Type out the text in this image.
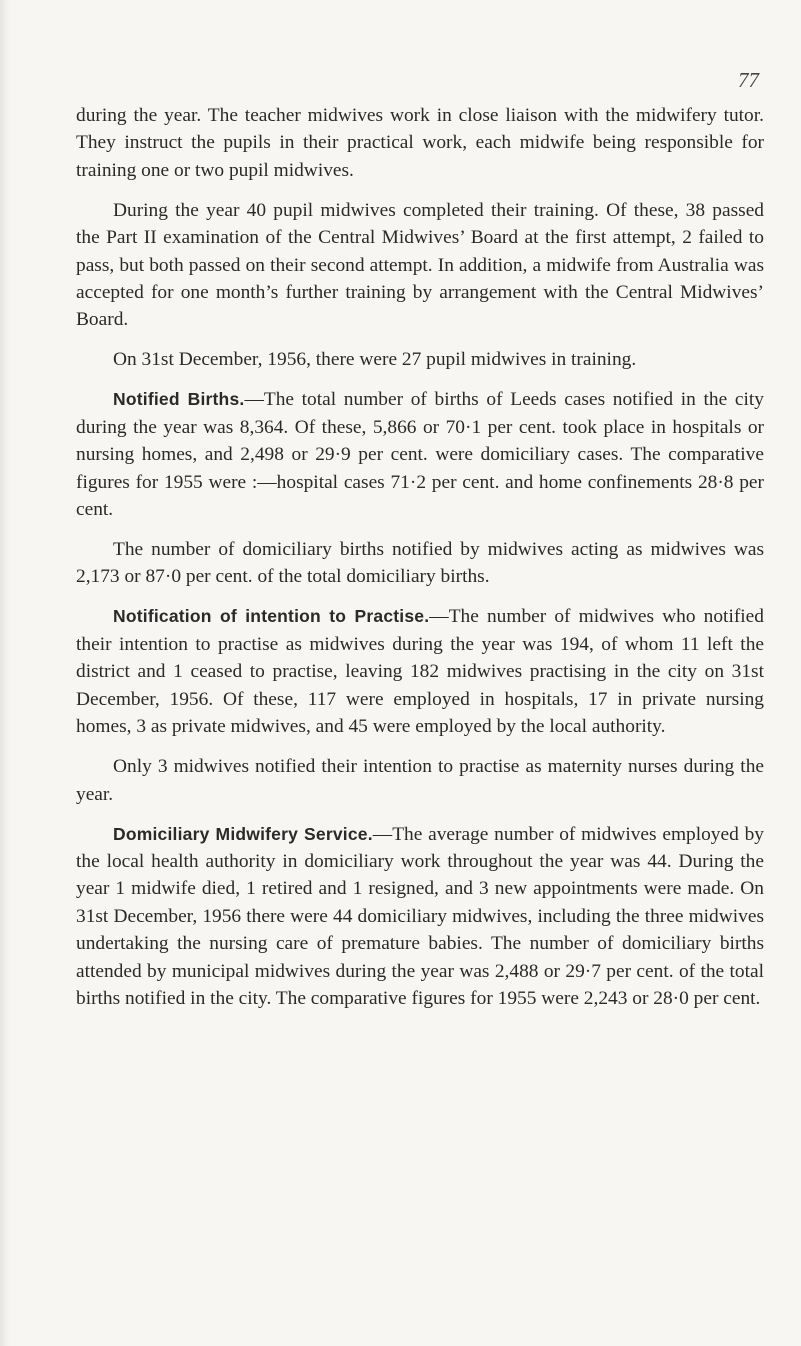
77

during the year. The teacher midwives work in close liaison with the midwifery tutor. They instruct the pupils in their practical work, each midwife being responsible for training one or two pupil midwives.

During the year 40 pupil midwives completed their training. Of these, 38 passed the Part II examination of the Central Midwives’ Board at the first attempt, 2 failed to pass, but both passed on their second attempt. In addition, a midwife from Australia was accepted for one month’s further training by arrangement with the Central Midwives’ Board.

On 31st December, 1956, there were 27 pupil midwives in training.

Notified Births.—The total number of births of Leeds cases notified in the city during the year was 8,364. Of these, 5,866 or 70·1 per cent. took place in hospitals or nursing homes, and 2,498 or 29·9 per cent. were domiciliary cases. The comparative figures for 1955 were :—hospital cases 71·2 per cent. and home confinements 28·8 per cent.

The number of domiciliary births notified by midwives acting as midwives was 2,173 or 87·0 per cent. of the total domiciliary births.

Notification of intention to Practise.—The number of midwives who notified their intention to practise as midwives during the year was 194, of whom 11 left the district and 1 ceased to practise, leaving 182 midwives practising in the city on 31st December, 1956. Of these, 117 were employed in hospitals, 17 in private nursing homes, 3 as private midwives, and 45 were employed by the local authority.

Only 3 midwives notified their intention to practise as maternity nurses during the year.

Domiciliary Midwifery Service.—The average number of midwives employed by the local health authority in domiciliary work throughout the year was 44. During the year 1 midwife died, 1 retired and 1 resigned, and 3 new appointments were made. On 31st December, 1956 there were 44 domiciliary midwives, including the three midwives undertaking the nursing care of premature babies. The number of domiciliary births attended by municipal midwives during the year was 2,488 or 29·7 per cent. of the total births notified in the city. The comparative figures for 1955 were 2,243 or 28·0 per cent.
